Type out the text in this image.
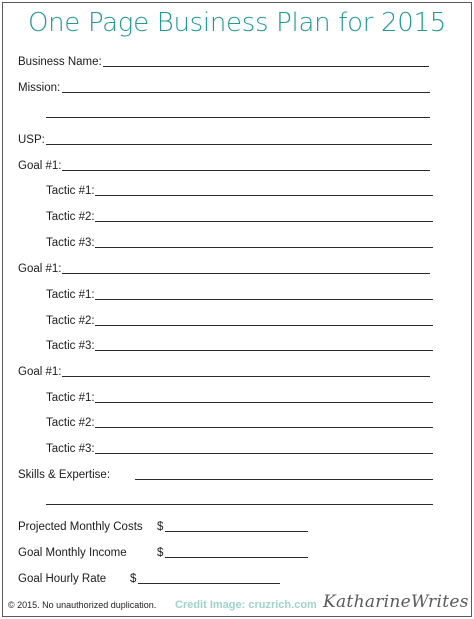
One Page Business Plan for 2015
Business Name:
Mission:
USP:
Goal #1:
Tactic #1:
Tactic #2:
Tactic #3:
Goal #1:
Tactic #1:
Tactic #2:
Tactic #3:
Goal #1:
Tactic #1:
Tactic #2:
Tactic #3:
Skills & Expertise:
Projected Monthly Costs $
Goal Monthly Income	$
Goal Hourly Rate $
© 2015. No unauthorized duplication. Credit Image: cruzrich.com KatharineWrites
